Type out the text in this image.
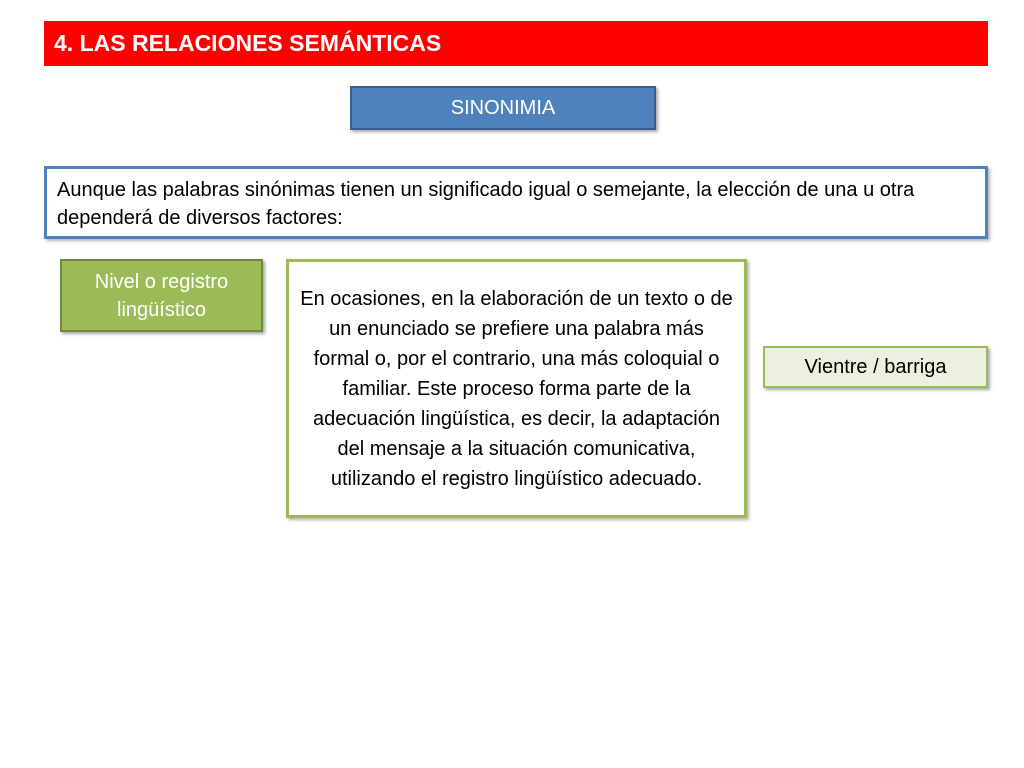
4. LAS RELACIONES SEMÁNTICAS
SINONIMIA
Aunque las palabras sinónimas tienen un significado igual o semejante, la elección de una u otra dependerá de diversos factores:
Nivel o registro lingüístico	En ocasiones, en la elaboración de un texto o de un enunciado se prefiere una palabra más formal o, por el contrario, una más coloquial o familiar. Este proceso forma parte de la adecuación lingüística, es decir, la adaptación del mensaje a la situación comunicativa, utilizando el registro lingüístico adecuado.
Vientre / barriga
